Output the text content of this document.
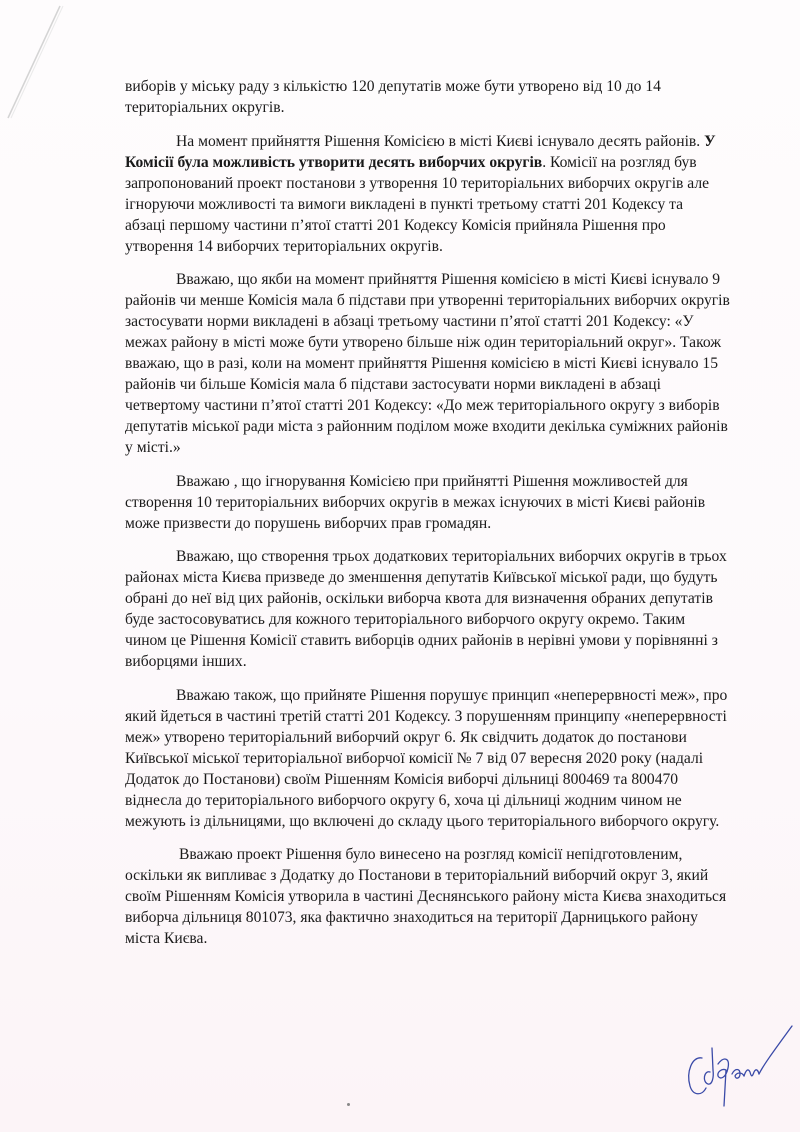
виборів у міську раду з кількістю 120 депутатів може бути утворено від 10 до 14
територіальних округів.
На момент прийняття Рішення Комісією в місті Києві існувало десять районів. У
Комісії була можливість утворити десять виборчих округів. Комісії на розгляд був
запропонований проект постанови з утворення 10 територіальних виборчих округів але
ігноруючи можливості та вимоги викладені в пункті третьому статті 201 Кодексу та
абзаці першому частини п’ятої статті 201 Кодексу Комісія прийняла Рішення про
утворення 14 виборчих територіальних округів.
Вважаю, що якби на момент прийняття Рішення комісією в місті Києві існувало 9
районів чи менше Комісія мала б підстави при утворенні територіальних виборчих округів
застосувати норми викладені в абзаці третьому частини п’ятої статті 201 Кодексу: «У
межах району в місті може бути утворено більше ніж один територіальний округ». Також
вважаю, що в разі, коли на момент прийняття Рішення комісією в місті Києві існувало 15
районів чи більше Комісія мала б підстави застосувати норми викладені в абзаці
четвертому частини п’ятої статті 201 Кодексу: «До меж територіального округу з виборів
депутатів міської ради міста з районним поділом може входити декілька суміжних районів
у місті.»
Вважаю , що ігнорування Комісією при прийнятті Рішення можливостей для
створення 10 територіальних виборчих округів в межах існуючих в місті Києві районів
може призвести до порушень виборчих прав громадян.
Вважаю, що створення трьох додаткових територіальних виборчих округів в трьох
районах міста Києва призведе до зменшення депутатів Київської міської ради, що будуть
обрані до неї від цих районів, оскільки виборча квота для визначення обраних депутатів
буде застосовуватись для кожного територіального виборчого округу окремо. Таким
чином це Рішення Комісії ставить виборців одних районів в нерівні умови у порівнянні з
виборцями інших.
Вважаю також, що прийняте Рішення порушує принцип «неперервності меж», про
який йдеться в частині третій статті 201 Кодексу. З порушенням принципу «неперервності
меж» утворено територіальний виборчий округ 6. Як свідчить додаток до постанови
Київської міської територіальної виборчої комісії № 7 від 07 вересня 2020 року (надалі
Додаток до Постанови) своїм Рішенням Комісія виборчі дільниці 800469 та 800470
віднесла до територіального виборчого округу 6, хоча ці дільниці жодним чином не
межують із дільницями, що включені до складу цього територіального виборчого округу.
Вважаю проект Рішення було винесено на розгляд комісії непідготовленим,
оскільки як випливає з Додатку до Постанови в територіальний виборчий округ 3, який
своїм Рішенням Комісія утворила в частині Деснянського району міста Києва знаходиться
виборча дільниця 801073, яка фактично знаходиться на території Дарницького району
міста Києва.
